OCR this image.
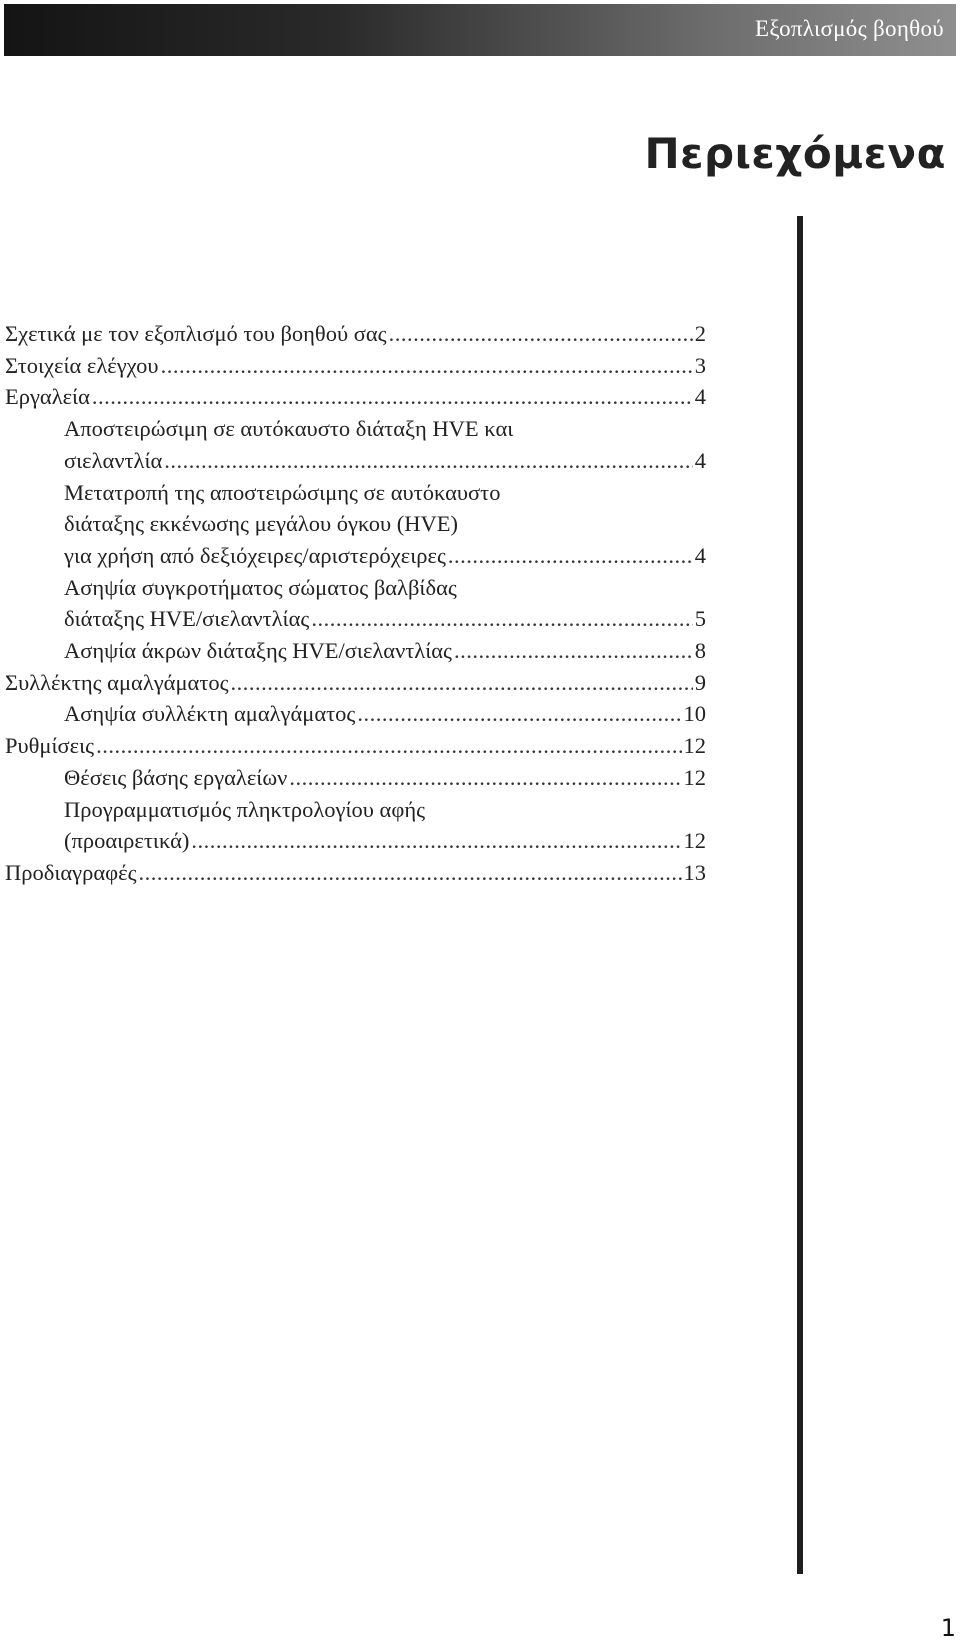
Εξοπλισμός βοηθού
Περιεχόμενα
Σχετικά με τον εξοπλισμό του βοηθού σας .....	2
Στοιχεία ελέγχου .....	3
Εργαλεία .....	4
Αποστειρώσιμη σε αυτόκαυστο διάταξη HVE και
σιελαντλία .....	4
Μετατροπή της αποστειρώσιμης σε αυτόκαυστο
διάταξης εκκένωσης μεγάλου όγκου (HVE)
για χρήση από δεξιόχειρες/αριστερόχειρες .....	4
Ασηψία συγκροτήματος σώματος βαλβίδας
διάταξης HVE/σιελαντλίας .....	5
Ασηψία άκρων διάταξης HVE/σιελαντλίας .....	8
Συλλέκτης αμαλγάματος .....	9
Ασηψία συλλέκτη αμαλγάματος .....	10
Ρυθμίσεις .....	12
Θέσεις βάσης εργαλείων .....	12
Προγραμματισμός πληκτρολογίου αφής
(προαιρετικά) .....	12
Προδιαγραφές .....	13
1
